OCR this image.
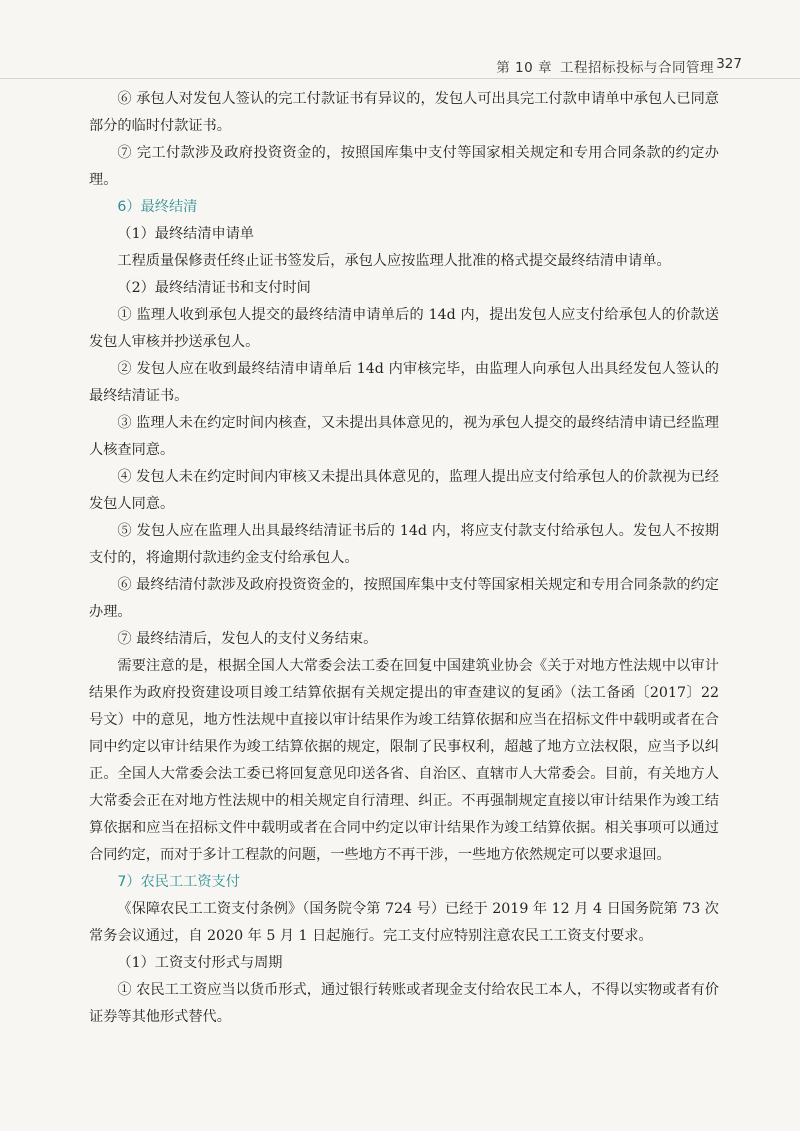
第 10 章 工程招标投标与合同管理 327

⑥ 承包人对发包人签认的完工付款证书有异议的，发包人可出具完工付款申请单中承包人已同意部分的临时付款证书。

⑦ 完工付款涉及政府投资资金的，按照国库集中支付等国家相关规定和专用合同条款的约定办理。

6）最终结清

（1）最终结清申请单

工程质量保修责任终止证书签发后，承包人应按监理人批准的格式提交最终结清申请单。

（2）最终结清证书和支付时间

① 监理人收到承包人提交的最终结清申请单后的 14d 内，提出发包人应支付给承包人的价款送发包人审核并抄送承包人。

② 发包人应在收到最终结清申请单后 14d 内审核完毕，由监理人向承包人出具经发包人签认的最终结清证书。

③ 监理人未在约定时间内核查，又未提出具体意见的，视为承包人提交的最终结清申请已经监理人核查同意。

④ 发包人未在约定时间内审核又未提出具体意见的，监理人提出应支付给承包人的价款视为已经发包人同意。

⑤ 发包人应在监理人出具最终结清证书后的 14d 内，将应支付款支付给承包人。发包人不按期支付的，将逾期付款违约金支付给承包人。

⑥ 最终结清付款涉及政府投资资金的，按照国库集中支付等国家相关规定和专用合同条款的约定办理。

⑦ 最终结清后，发包人的支付义务结束。

需要注意的是，根据全国人大常委会法工委在回复中国建筑业协会《关于对地方性法规中以审计结果作为政府投资建设项目竣工结算依据有关规定提出的审查建议的复函》（法工备函〔2017〕22 号文）中的意见，地方性法规中直接以审计结果作为竣工结算依据和应当在招标文件中载明或者在合同中约定以审计结果作为竣工结算依据的规定，限制了民事权利，超越了地方立法权限，应当予以纠正。全国人大常委会法工委已将回复意见印送各省、自治区、直辖市人大常委会。目前，有关地方人大常委会正在对地方性法规中的相关规定自行清理、纠正。不再强制规定直接以审计结果作为竣工结算依据和应当在招标文件中载明或者在合同中约定以审计结果作为竣工结算依据。相关事项可以通过合同约定，而对于多计工程款的问题，一些地方不再干涉，一些地方依然规定可以要求退回。

7）农民工工资支付

《保障农民工工资支付条例》（国务院令第 724 号）已经于 2019 年 12 月 4 日国务院第 73 次常务会议通过，自 2020 年 5 月 1 日起施行。完工支付应特别注意农民工工资支付要求。

（1）工资支付形式与周期

① 农民工工资应当以货币形式，通过银行转账或者现金支付给农民工本人，不得以实物或者有价证券等其他形式替代。
